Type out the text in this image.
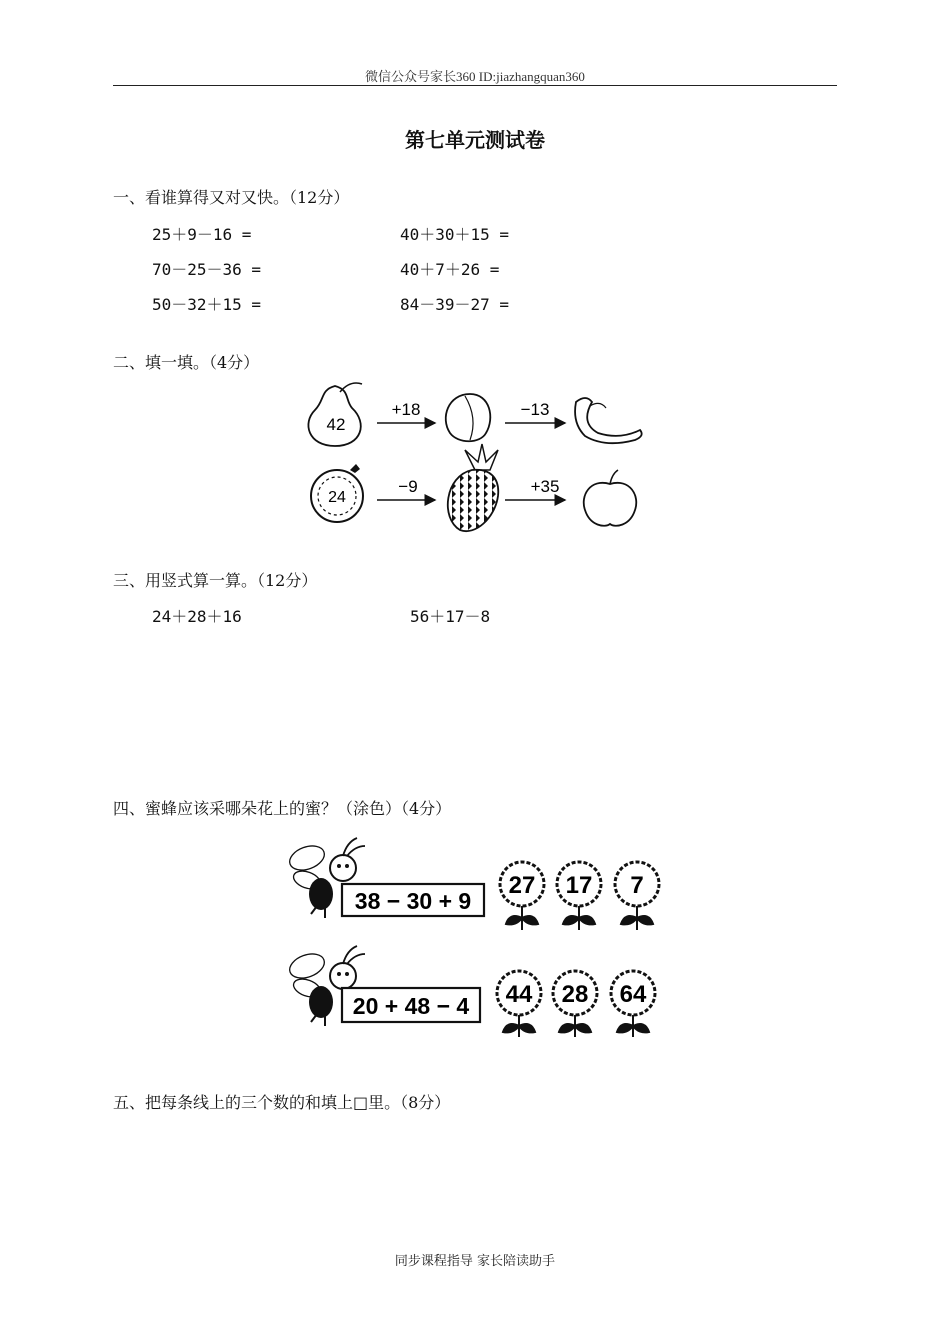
微信公众号家长360 ID:jiazhangquan360
第七单元测试卷
一、看谁算得又对又快。（12分）
25＋9－16 =	40＋30＋15 =
70－25－36 =	40＋7＋26 =
50－32＋15 =	84－39－27 =
二、填一填。（4分）
42
+18	−13
24
−9	+35
三、用竖式算一算。（12分）
24＋28＋16	56＋17－8
四、蜜蜂应该采哪朵花上的蜜？（涂色）（4分）
38 − 30 + 9
27 17 7
20 + 48 − 4 44 28 64
五、把每条线上的三个数的和填上□里。（8分）
同步课程指导 家长陪读助手
